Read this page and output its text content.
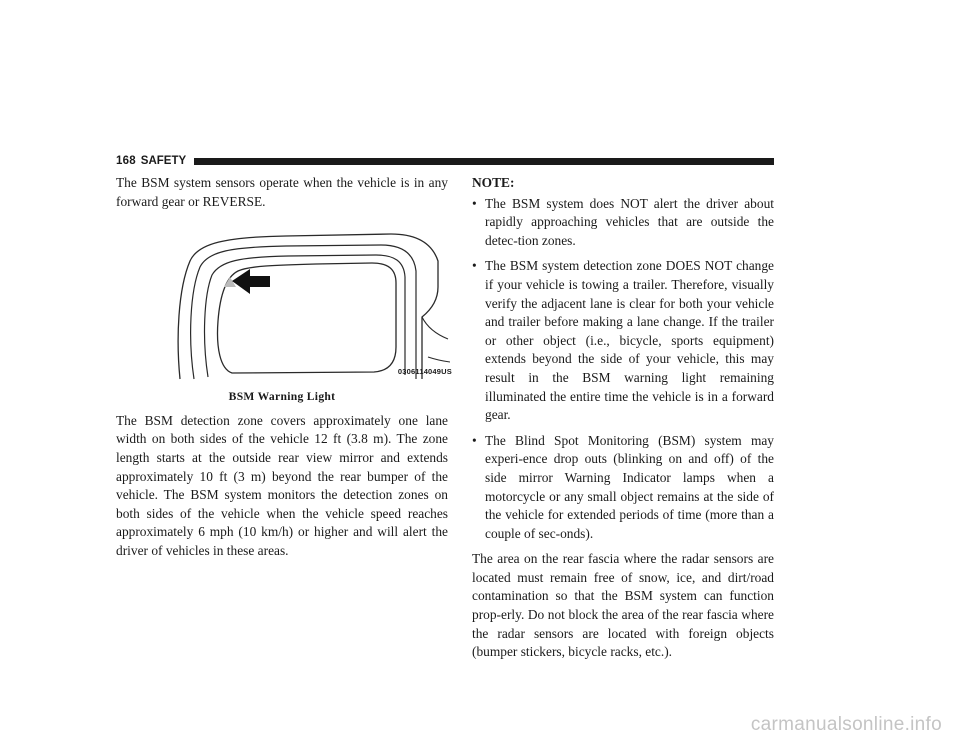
168 SAFETY

The BSM system sensors operate when the vehicle is in any forward gear or REVERSE.

0306114049US
BSM Warning Light

The BSM detection zone covers approximately one lane width on both sides of the vehicle 12 ft (3.8 m). The zone length starts at the outside rear view mirror and extends approximately 10 ft (3 m) beyond the rear bumper of the vehicle. The BSM system monitors the detection zones on both sides of the vehicle when the vehicle speed reaches approximately 6 mph (10 km/h) or higher and will alert the driver of vehicles in these areas.

NOTE:
• The BSM system does NOT alert the driver about rapidly approaching vehicles that are outside the detec-tion zones.
• The BSM system detection zone DOES NOT change if your vehicle is towing a trailer. Therefore, visually verify the adjacent lane is clear for both your vehicle and trailer before making a lane change. If the trailer or other object (i.e., bicycle, sports equipment) extends beyond the side of your vehicle, this may result in the BSM warning light remaining illuminated the entire time the vehicle is in a forward gear.
• The Blind Spot Monitoring (BSM) system may experi-ence drop outs (blinking on and off) of the side mirror Warning Indicator lamps when a motorcycle or any small object remains at the side of the vehicle for extended periods of time (more than a couple of sec-onds).

The area on the rear fascia where the radar sensors are located must remain free of snow, ice, and dirt/road contamination so that the BSM system can function prop-erly. Do not block the area of the rear fascia where the radar sensors are located with foreign objects (bumper stickers, bicycle racks, etc.).

carmanualsonline.info
